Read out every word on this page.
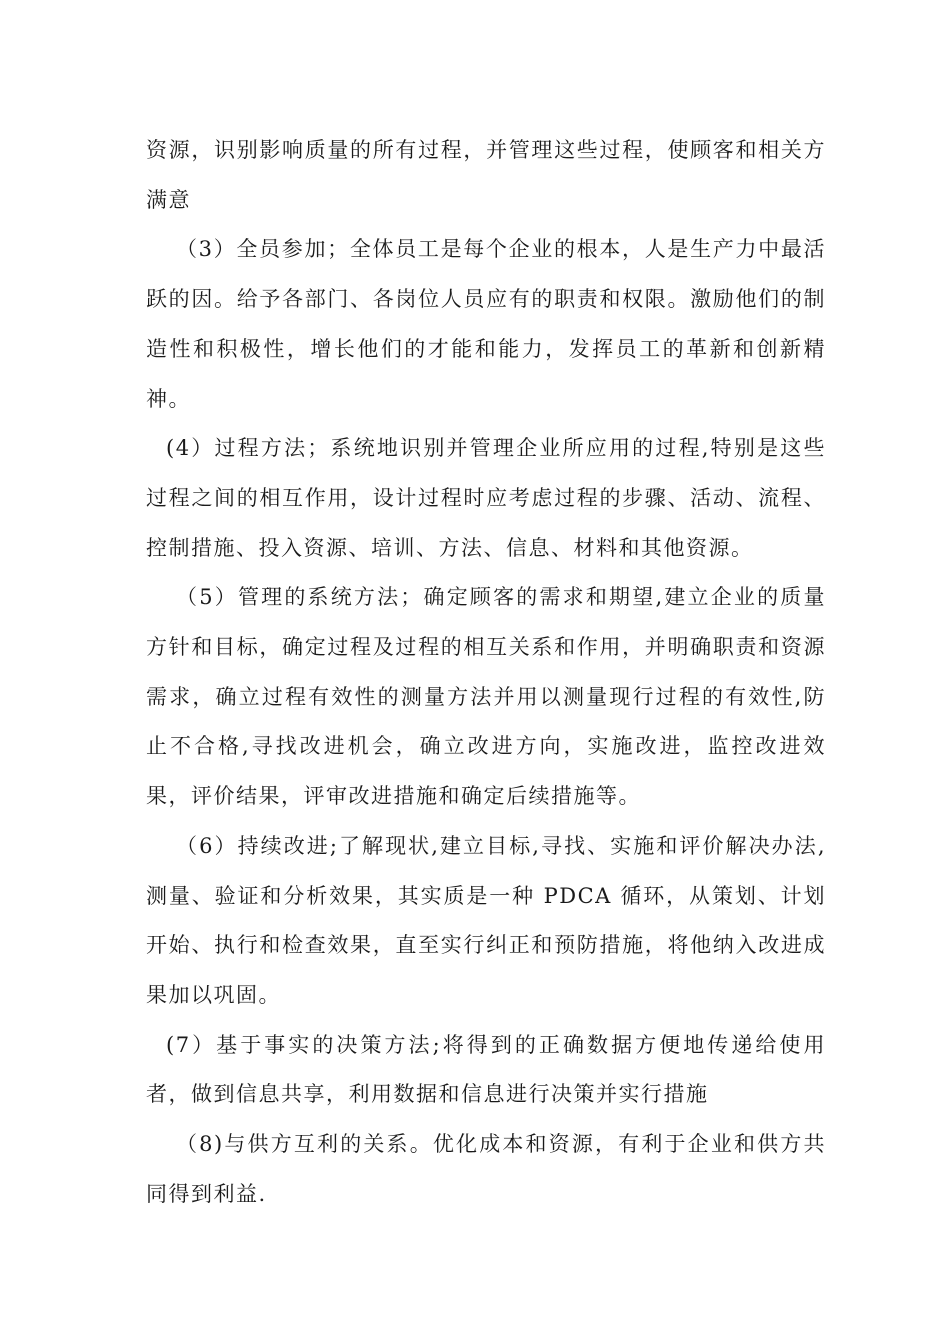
资源，识别影响质量的所有过程，并管理这些过程，使顾客和相关方满意

（3）全员参加；全体员工是每个企业的根本，人是生产力中最活跃的因。给予各部门、各岗位人员应有的职责和权限。激励他们的制造性和积极性，增长他们的才能和能力，发挥员工的革新和创新精神。

(4）过程方法；系统地识别并管理企业所应用的过程,特别是这些过程之间的相互作用，设计过程时应考虑过程的步骤、活动、流程、控制措施、投入资源、培训、方法、信息、材料和其他资源。

（5）管理的系统方法；确定顾客的需求和期望,建立企业的质量方针和目标，确定过程及过程的相互关系和作用，并明确职责和资源需求，确立过程有效性的测量方法并用以测量现行过程的有效性,防止不合格,寻找改进机会，确立改进方向，实施改进，监控改进效果，评价结果，评审改进措施和确定后续措施等。

（6）持续改进;了解现状,建立目标,寻找、实施和评价解决办法,测量、验证和分析效果，其实质是一种 PDCA 循环，从策划、计划开始、执行和检查效果，直至实行纠正和预防措施，将他纳入改进成果加以巩固。

(7）基于事实的决策方法;将得到的正确数据方便地传递给使用者，做到信息共享，利用数据和信息进行决策并实行措施

（8)与供方互利的关系。优化成本和资源，有利于企业和供方共同得到利益.
